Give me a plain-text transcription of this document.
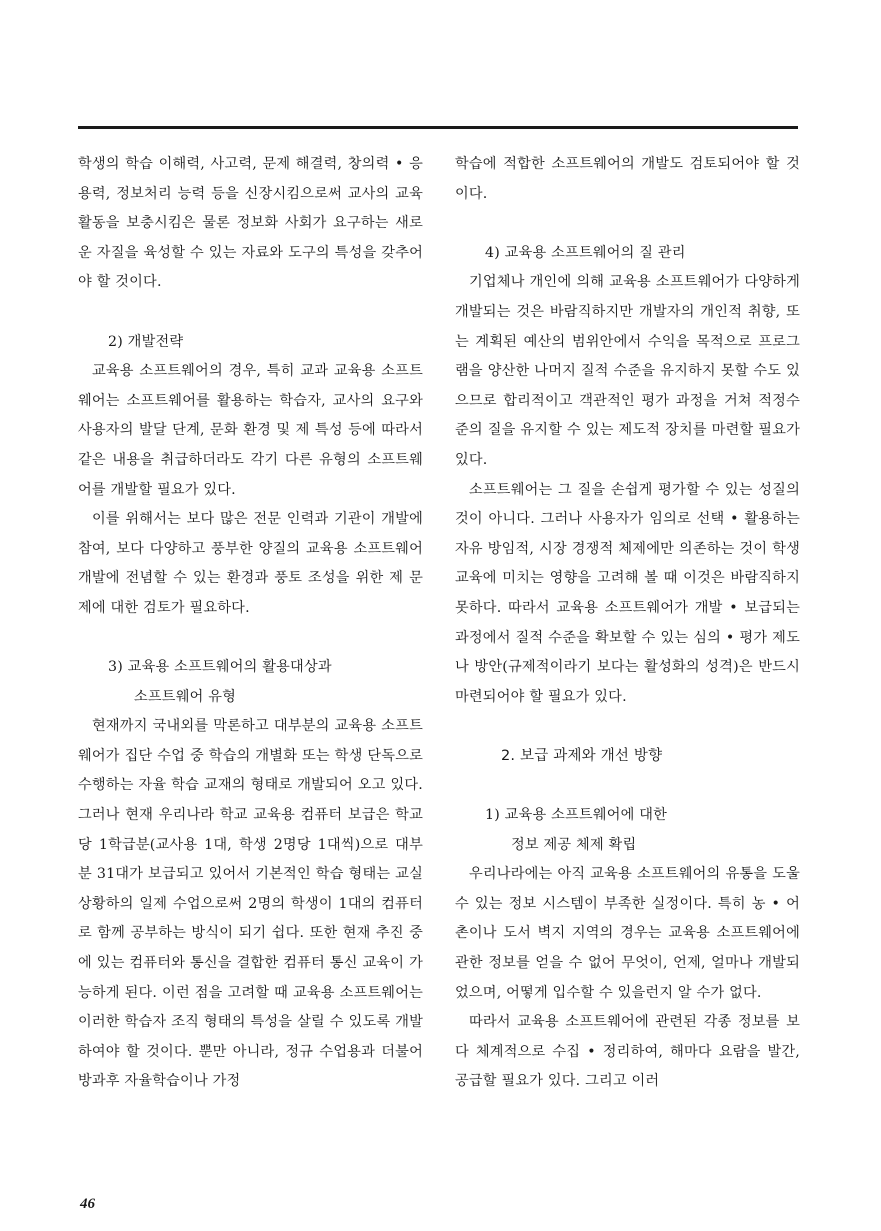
학생의 학습 이해력, 사고력, 문제 해결력, 창의력 • 응용력, 정보처리 능력 등을 신장시킴으로써 교사의 교육 활동을 보충시킴은 물론 정보화 사회가 요구하는 새로운 자질을 육성할 수 있는 자료와 도구의 특성을 갖추어야 할 것이다.

2) 개발전략

교육용 소프트웨어의 경우, 특히 교과 교육용 소프트웨어는 소프트웨어를 활용하는 학습자, 교사의 요구와 사용자의 발달 단계, 문화 환경 및 제 특성 등에 따라서 같은 내용을 취급하더라도 각기 다른 유형의 소프트웨어를 개발할 필요가 있다.

이를 위해서는 보다 많은 전문 인력과 기관이 개발에 참여, 보다 다양하고 풍부한 양질의 교육용 소프트웨어 개발에 전념할 수 있는 환경과 풍토 조성을 위한 제 문제에 대한 검토가 필요하다.

3) 교육용 소프트웨어의 활용대상과

소프트웨어 유형

현재까지 국내외를 막론하고 대부분의 교육용 소프트웨어가 집단 수업 중 학습의 개별화 또는 학생 단독으로 수행하는 자율 학습 교재의 형태로 개발되어 오고 있다. 그러나 현재 우리나라 학교 교육용 컴퓨터 보급은 학교당 1학급분(교사용 1대, 학생 2명당 1대씩)으로 대부분 31대가 보급되고 있어서 기본적인 학습 형태는 교실 상황하의 일제 수업으로써 2명의 학생이 1대의 컴퓨터로 함께 공부하는 방식이 되기 쉽다. 또한 현재 추진 중에 있는 컴퓨터와 통신을 결합한 컴퓨터 통신 교육이 가능하게 된다. 이런 점을 고려할 때 교육용 소프트웨어는 이러한 학습자 조직 형태의 특성을 살릴 수 있도록 개발하여야 할 것이다. 뿐만 아니라, 정규 수업용과 더불어 방과후 자율학습이나 가정

학습에 적합한 소프트웨어의 개발도 검토되어야 할 것이다.

4) 교육용 소프트웨어의 질 관리

기업체나 개인에 의해 교육용 소프트웨어가 다양하게 개발되는 것은 바람직하지만 개발자의 개인적 취향, 또는 계획된 예산의 범위안에서 수익을 목적으로 프로그램을 양산한 나머지 질적 수준을 유지하지 못할 수도 있으므로 합리적이고 객관적인 평가 과정을 거쳐 적정수준의 질을 유지할 수 있는 제도적 장치를 마련할 필요가 있다.

소프트웨어는 그 질을 손쉽게 평가할 수 있는 성질의 것이 아니다. 그러나 사용자가 임의로 선택 • 활용하는 자유 방임적, 시장 경쟁적 체제에만 의존하는 것이 학생 교육에 미치는 영향을 고려해 볼 때 이것은 바람직하지 못하다. 따라서 교육용 소프트웨어가 개발 • 보급되는 과정에서 질적 수준을 확보할 수 있는 심의 • 평가 제도나 방안(규제적이라기 보다는 활성화의 성격)은 반드시 마련되어야 할 필요가 있다.

2. 보급 과제와 개선 방향

1) 교육용 소프트웨어에 대한

정보 제공 체제 확립

우리나라에는 아직 교육용 소프트웨어의 유통을 도울 수 있는 정보 시스템이 부족한 실정이다. 특히 농 • 어촌이나 도서 벽지 지역의 경우는 교육용 소프트웨어에 관한 정보를 얻을 수 없어 무엇이, 언제, 얼마나 개발되었으며, 어떻게 입수할 수 있을런지 알 수가 없다.

따라서 교육용 소프트웨어에 관련된 각종 정보를 보다 체계적으로 수집 • 정리하여, 해마다 요람을 발간, 공급할 필요가 있다. 그리고 이러

46
